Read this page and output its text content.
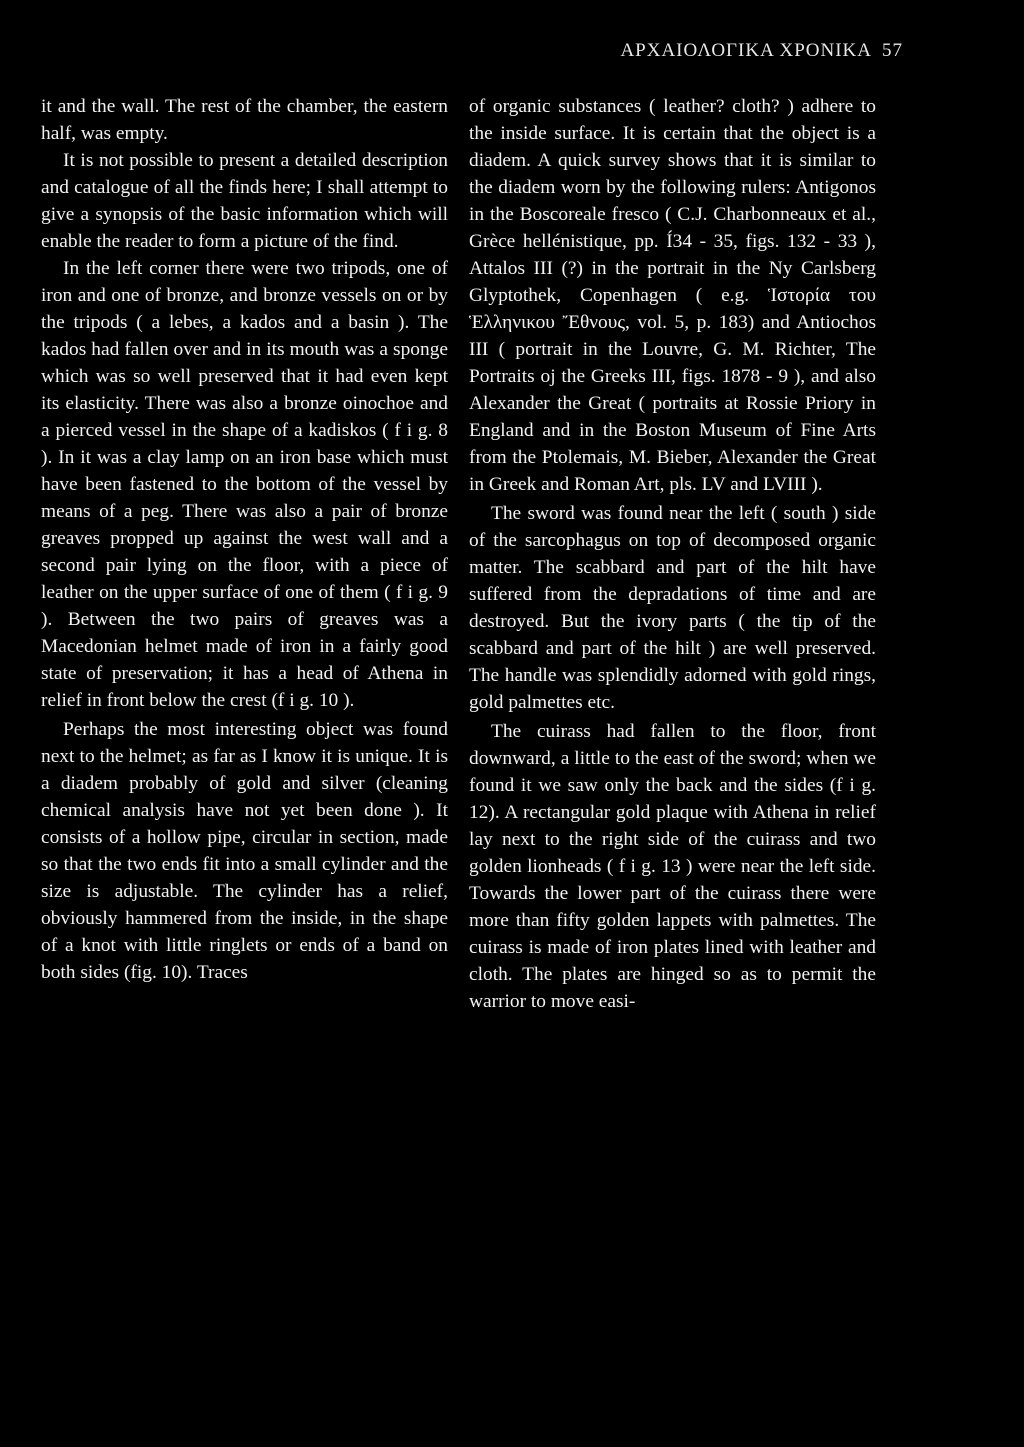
ΑΡΧΑΙΟΛΟΓΙΚΑ ΧΡΟΝΙΚΑ 57

it and the wall. The rest of the chamber, the eastern half, was empty.

It is not possible to present a detailed description and catalogue of all the finds here; I shall attempt to give a synopsis of the basic information which will enable the reader to form a picture of the find.

In the left corner there were two tripods, one of iron and one of bronze, and bronze vessels on or by the tripods ( a lebes, a kados and a basin ). The kados had fallen over and in its mouth was a sponge which was so well preserved that it had even kept its elasticity. There was also a bronze oinochoe and a pierced vessel in the shape of a kadiskos ( f i g. 8 ). In it was a clay lamp on an iron base which must have been fastened to the bottom of the vessel by means of a peg. There was also a pair of bronze greaves propped up against the west wall and a second pair lying on the floor, with a piece of leather on the upper surface of one of them ( f i g. 9 ). Between the two pairs of greaves was a Macedonian helmet made of iron in a fairly good state of preservation; it has a head of Athena in relief in front below the crest (f i g. 10 ).

Perhaps the most interesting object was found next to the helmet; as far as I know it is unique. It is a diadem probably of gold and silver (cleaning chemical analysis have not yet been done ). It consists of a hollow pipe, circular in section, made so that the two ends fit into a small cylinder and the size is adjustable. The cylinder has a relief, obviously hammered from the inside, in the shape of a knot with little ringlets or ends of a band on both sides (fig. 10). Traces

of organic substances ( leather? cloth? ) adhere to the inside surface. It is certain that the object is a diadem. A quick survey shows that it is similar to the diadem worn by the following rulers: Antigonos in the Boscoreale fresco ( C.J. Charbonneaux et al., Grèce hellénistique, pp. Í34 - 35, figs. 132 - 33 ), Attalos III (?) in the portrait in the Ny Carlsberg Glyptothek, Copenhagen ( e.g. Ἱστορία του Ἑλληνικου Ἔθνους, vol. 5, p. 183) and Antiochos III ( portrait in the Louvre, G. M. Richter, The Portraits oj the Greeks III, figs. 1878 - 9 ), and also Alexander the Great ( portraits at Rossie Priory in England and in the Boston Museum of Fine Arts from the Ptolemais, M. Bieber, Alexander the Great in Greek and Roman Art, pls. LV and LVIII ).

The sword was found near the left ( south ) side of the sarcophagus on top of decomposed organic matter. The scabbard and part of the hilt have suffered from the depradations of time and are destroyed. But the ivory parts ( the tip of the scabbard and part of the hilt ) are well preserved. The handle was splendidly adorned with gold rings, gold palmettes etc.

The cuirass had fallen to the floor, front downward, a little to the east of the sword; when we found it we saw only the back and the sides (f i g. 12). A rectangular gold plaque with Athena in relief lay next to the right side of the cuirass and two golden lionheads ( f i g. 13 ) were near the left side. Towards the lower part of the cuirass there were more than fifty golden lappets with palmettes. The cuirass is made of iron plates lined with leather and cloth. The plates are hinged so as to permit the warrior to move easi-
